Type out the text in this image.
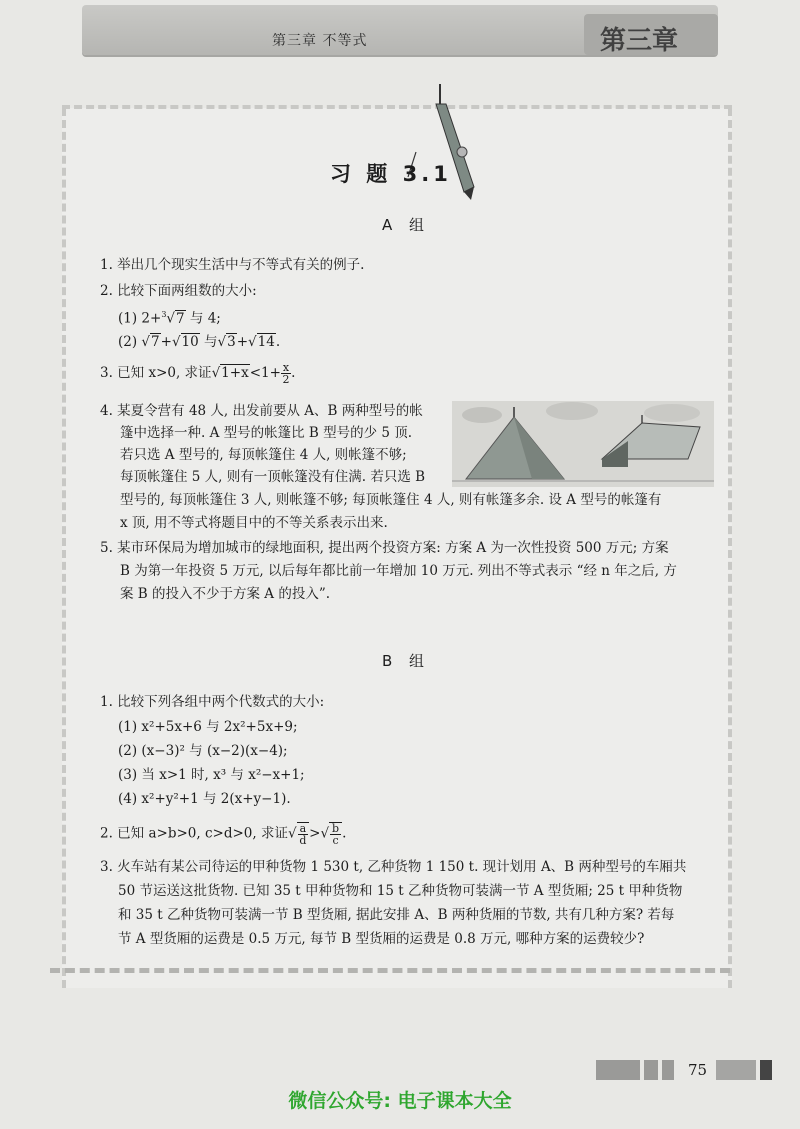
第三章 不等式	第三章
习 题 3.1
A 组
1. 举出几个现实生活中与不等式有关的例子.
2. 比较下面两组数的大小:
(1) 2+$^3$√7 与 4;
(2) √7+√10 与√3+√14.
3. 已知 x>0, 求证$√1+x<1+ \frac{x}{2}$ .
4. 某夏令营有 48 人, 出发前要从 A、B 两种型号的帐
篷中选择一种. A 型号的帐篷比 B 型号的少 5 顶.
若只选 A 型号的, 每顶帐篷住 4 人, 则帐篷不够;
每顶帐篷住 5 人, 则有一顶帐篷没有住满. 若只选 B
型号的, 每顶帐篷住 3 人, 则帐篷不够; 每顶帐篷住 4 人, 则有帐篷多余. 设 A 型号的帐篷有
x 顶, 用不等式将题目中的不等关系表示出来.
5. 某市环保局为增加城市的绿地面积, 提出两个投资方案: 方案 A 为一次性投资 500 万元; 方案
B 为第一年投资 5 万元, 以后每年都比前一年增加 10 万元. 列出不等式表示 “经 n 年之后, 方
案 B 的投入不少于方案 A 的投入”.
B 组
1. 比较下列各组中两个代数式的大小:
(1) x²+5x+6 与 2x²+5x+9;
(2) (x−3)² 与 (x−2)(x−4);
(3) 当 x>1 时, x³ 与 x²−x+1;
(4) x²+y²+1 与 2(x+y−1).
2. 已知 a>b>0, c>d>0, 求证√ $\frac{a}{d}$ >√ $\frac{b}{c}$ .
3. 火车站有某公司待运的甲种货物 1 530 t, 乙种货物 1 150 t. 现计划用 A、B 两种型号的车厢共
50 节运送这批货物. 已知 35 t 甲种货物和 15 t 乙种货物可装满一节 A 型货厢; 25 t 甲种货物
和 35 t 乙种货物可装满一节 B 型货厢, 据此安排 A、B 两种货厢的节数, 共有几种方案? 若每
节 A 型货厢的运费是 0.5 万元, 每节 B 型货厢的运费是 0.8 万元, 哪种方案的运费较少?
75
微信公众号: 电子课本大全
